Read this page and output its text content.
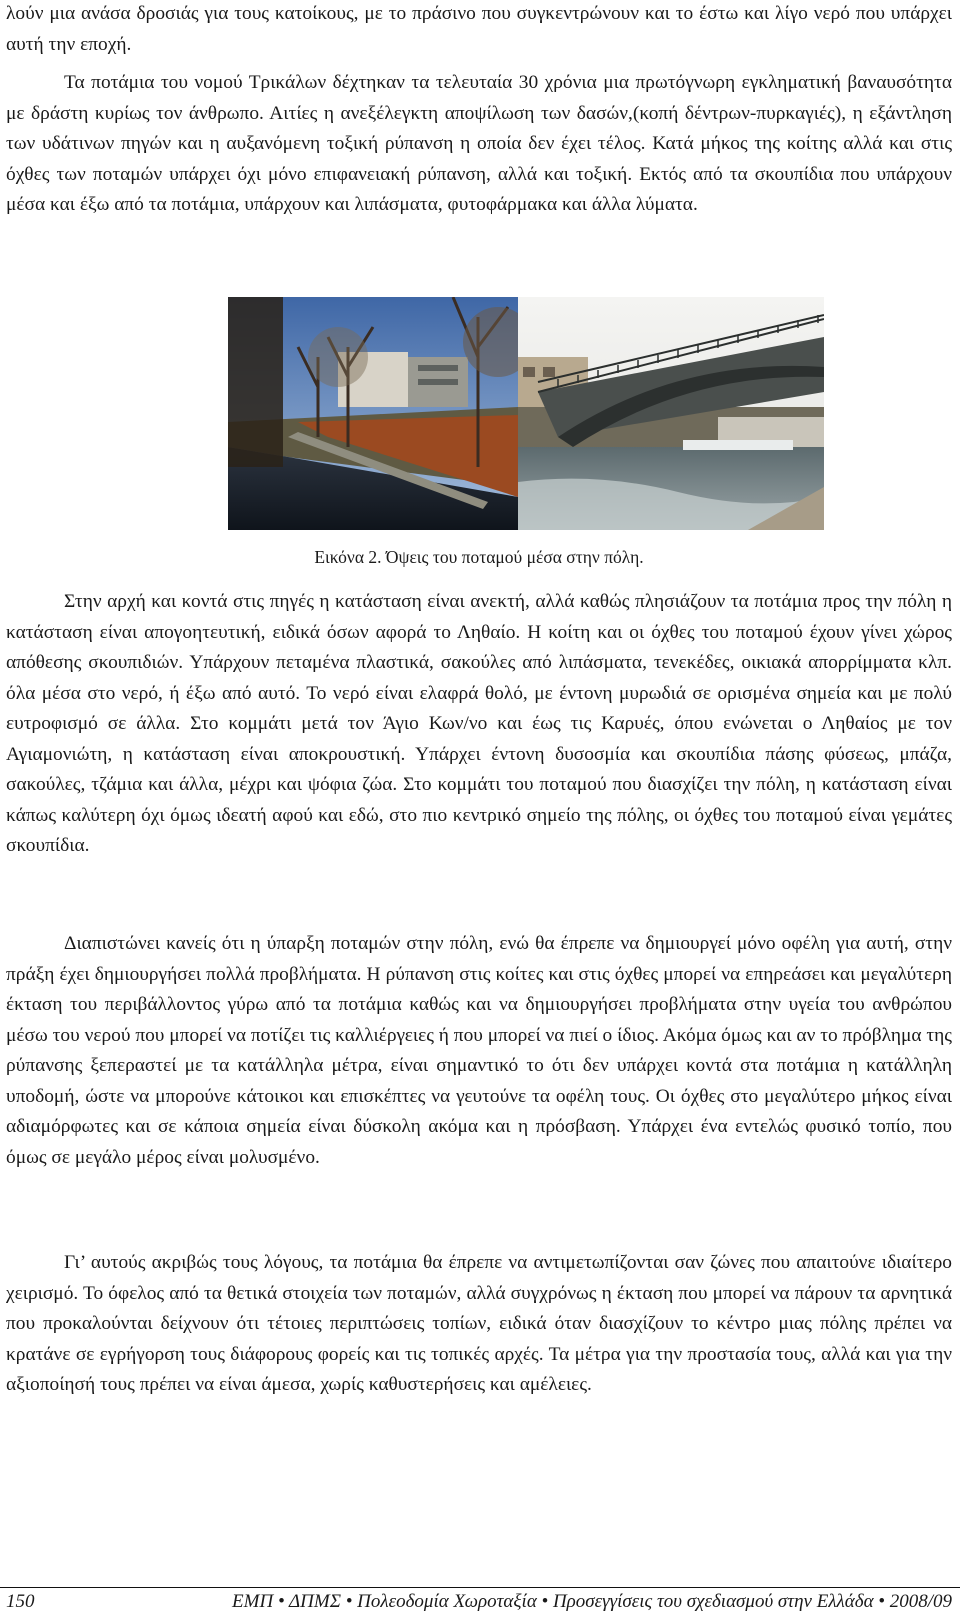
λούν μια ανάσα δροσιάς για τους κατοίκους, με το πράσινο που συγκεντρώνουν και το έστω και λίγο νερό που υπάρχει αυτή την εποχή.

Τα ποτάμια του νομού Τρικάλων δέχτηκαν τα τελευταία 30 χρόνια μια πρωτόγνωρη εγκληματική βαναυσότητα με δράστη κυρίως τον άνθρωπο. Αιτίες η ανεξέλεγκτη αποψίλωση των δασών,(κοπή δέντρων-πυρκαγιές), η εξάντληση των υδάτινων πηγών και η αυξανόμενη τοξική ρύπανση η οποία δεν έχει τέλος. Κατά μήκος της κοίτης αλλά και στις όχθες των ποταμών υπάρχει όχι μόνο επιφανειακή ρύπανση, αλλά και τοξική. Εκτός από τα σκουπίδια που υπάρχουν μέσα και έξω από τα ποτάμια, υπάρχουν και λιπάσματα, φυτοφάρμακα και άλλα λύματα.

Εικόνα 2. Όψεις του ποταμού μέσα στην πόλη.

Στην αρχή και κοντά στις πηγές η κατάσταση είναι ανεκτή, αλλά καθώς πλησιάζουν τα ποτάμια προς την πόλη η κατάσταση είναι απογοητευτική, ειδικά όσων αφορά το Ληθαίο. Η κοίτη και οι όχθες του ποταμού έχουν γίνει χώρος απόθεσης σκουπιδιών. Υπάρχουν πεταμένα πλαστικά, σακούλες από λιπάσματα, τενεκέδες, οικιακά απορρίμματα κλπ. όλα μέσα στο νερό, ή έξω από αυτό. Το νερό είναι ελαφρά θολό, με έντονη μυρωδιά σε ορισμένα σημεία και με πολύ ευτροφισμό σε άλλα. Στο κομμάτι μετά τον Άγιο Κων/νο και έως τις Καρυές, όπου ενώνεται ο Ληθαίος με τον Αγιαμονιώτη, η κατάσταση είναι αποκρουστική. Υπάρχει έντονη δυσοσμία και σκουπίδια πάσης φύσεως, μπάζα, σακούλες, τζάμια και άλλα, μέχρι και ψόφια ζώα. Στο κομμάτι του ποταμού που διασχίζει την πόλη, η κατάσταση είναι κάπως καλύτερη όχι όμως ιδεατή αφού και εδώ, στο πιο κεντρικό σημείο της πόλης, οι όχθες του ποταμού είναι γεμάτες σκουπίδια.

Διαπιστώνει κανείς ότι η ύπαρξη ποταμών στην πόλη, ενώ θα έπρεπε να δημιουργεί μόνο οφέλη για αυτή, στην πράξη έχει δημιουργήσει πολλά προβλήματα. Η ρύπανση στις κοίτες και στις όχθες μπορεί να επηρεάσει και μεγαλύτερη έκταση του περιβάλλοντος γύρω από τα ποτάμια καθώς και να δημιουργήσει προβλήματα στην υγεία του ανθρώπου μέσω του νερού που μπορεί να ποτίζει τις καλλιέργειες ή που μπορεί να πιεί ο ίδιος. Ακόμα όμως και αν το πρόβλημα της ρύπανσης ξεπεραστεί με τα κατάλληλα μέτρα, είναι σημαντικό το ότι δεν υπάρχει κοντά στα ποτάμια η κατάλληλη υποδομή, ώστε να μπορούνε κάτοικοι και επισκέπτες να γευτούνε τα οφέλη τους. Οι όχθες στο μεγαλύτερο μήκος είναι αδιαμόρφωτες και σε κάποια σημεία είναι δύσκολη ακόμα και η πρόσβαση. Υπάρχει ένα εντελώς φυσικό τοπίο, που όμως σε μεγάλο μέρος είναι μολυσμένο.

Γι’ αυτούς ακριβώς τους λόγους, τα ποτάμια θα έπρεπε να αντιμετωπίζονται σαν ζώνες που απαιτούνε ιδιαίτερο χειρισμό. Το όφελος από τα θετικά στοιχεία των ποταμών, αλλά συγχρόνως η έκταση που μπορεί να πάρουν τα αρνητικά που προκαλούνται δείχνουν ότι τέτοιες περιπτώσεις τοπίων, ειδικά όταν διασχίζουν το κέντρο μιας πόλης πρέπει να κρατάνε σε εγρήγορση τους διάφορους φορείς και τις τοπικές αρχές. Τα μέτρα για την προστασία τους, αλλά και για την αξιοποίησή τους πρέπει να είναι άμεσα, χωρίς καθυστερήσεις και αμέλειες.

150	ΕΜΠ • ΔΠΜΣ • Πολεοδομία Χωροταξία • Προσεγγίσεις του σχεδιασμού στην Ελλάδα • 2008/09
